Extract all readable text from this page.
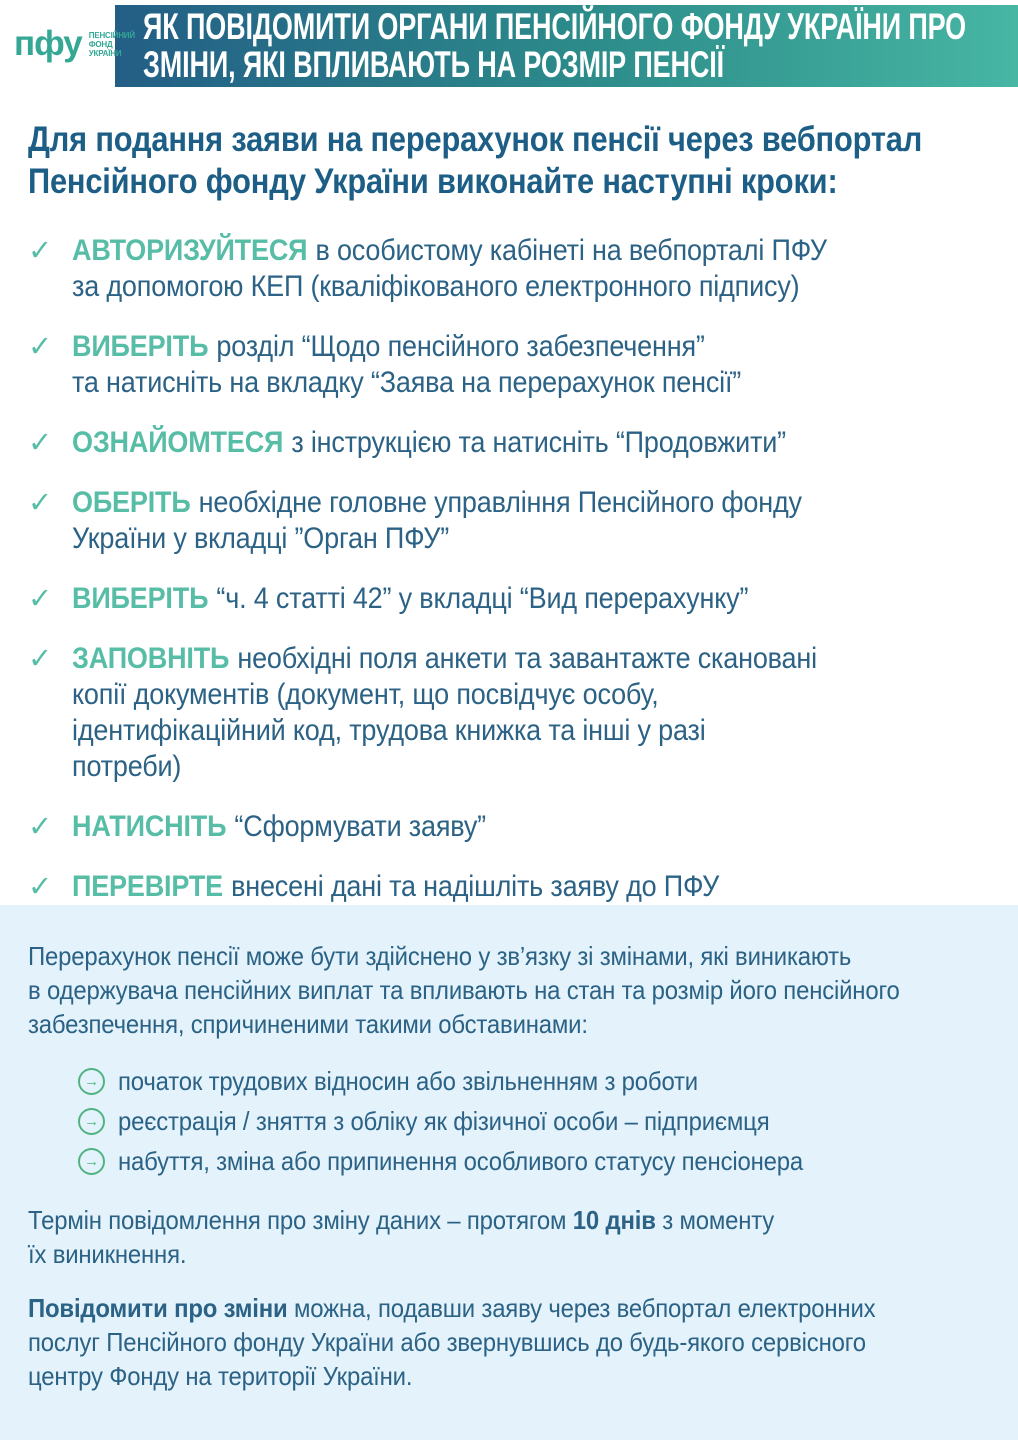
пфу ПЕНСІЙНИЙ
ФОНД
УКРАЇНИ
ЯК ПОВІДОМИТИ ОРГАНИ ПЕНСІЙНОГО ФОНДУ УКРАЇНИ ПРО
ЗМІНИ, ЯКІ ВПЛИВАЮТЬ НА РОЗМІР ПЕНСІЇ
Для подання заяви на перерахунок пенсії через вебпортал
Пенсійного фонду України виконайте наступні кроки:
✓ АВТОРИЗУЙТЕСЯ в особистому кабінеті на вебпорталі ПФУ
за допомогою КЕП (кваліфікованого електронного підпису)
✓ ВИБЕРІТЬ розділ “Щодо пенсійного забезпечення”
та натисніть на вкладку “Заява на перерахунок пенсії”
✓ ОЗНАЙОМТЕСЯ з інструкцією та натисніть “Продовжити”
✓ ОБЕРІТЬ необхідне головне управління Пенсійного фонду
України у вкладці ”Орган ПФУ”
✓ ВИБЕРІТЬ “ч. 4 статті 42” у вкладці “Вид перерахунку”
✓ ЗАПОВНІТЬ необхідні поля анкети та завантажте скановані
копії документів (документ, що посвідчує особу,
ідентифікаційний код, трудова книжка та інші у разі
потреби)
✓ НАТИСНІТЬ “Сформувати заяву”
✓ ПЕРЕВІРТЕ внесені дані та надішліть заяву до ПФУ

Перерахунок пенсії може бути здійснено у зв’язку зі змінами, які виникають
в одержувача пенсійних виплат та впливають на стан та розмір його пенсійного
забезпечення, спричиненими такими обставинами:

→ початок трудових відносин або звільненням з роботи
→ реєстрація / зняття з обліку як фізичної особи – підприємця
→ набуття, зміна або припинення особливого статусу пенсіонера

Термін повідомлення про зміну даних – протягом 10 днів з моменту
їх виникнення.

Повідомити про зміни можна, подавши заяву через вебпортал електронних
послуг Пенсійного фонду України або звернувшись до будь-якого сервісного
центру Фонду на території України.
